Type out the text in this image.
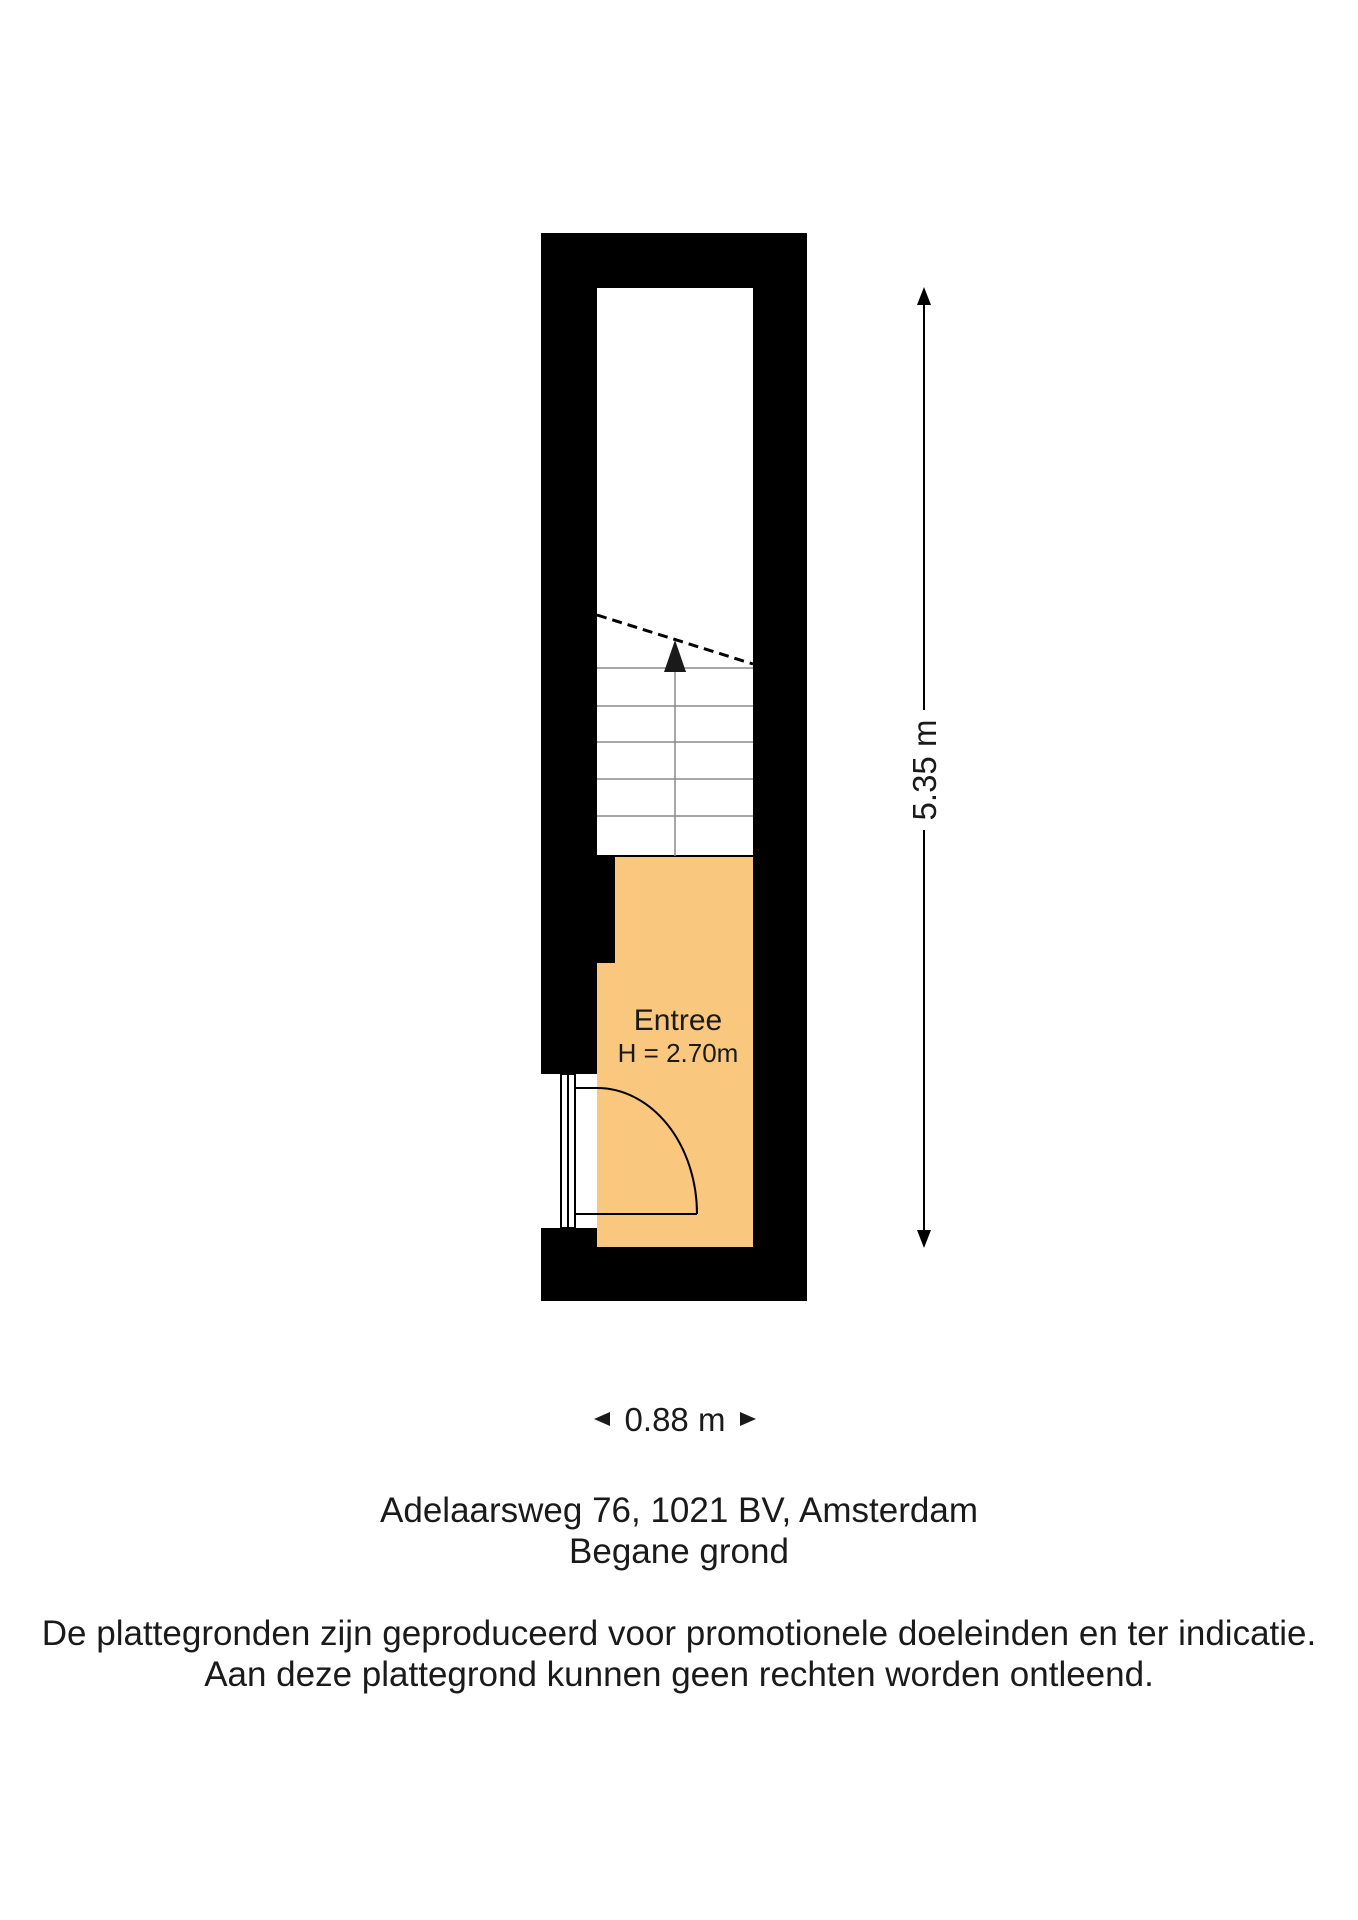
Entree
H = 2.70m
5.35 m
0.88 m
Adelaarsweg 76, 1021 BV, Amsterdam
Begane grond
De plattegronden zijn geproduceerd voor promotionele doeleinden en ter indicatie.
Aan deze plattegrond kunnen geen rechten worden ontleend.
